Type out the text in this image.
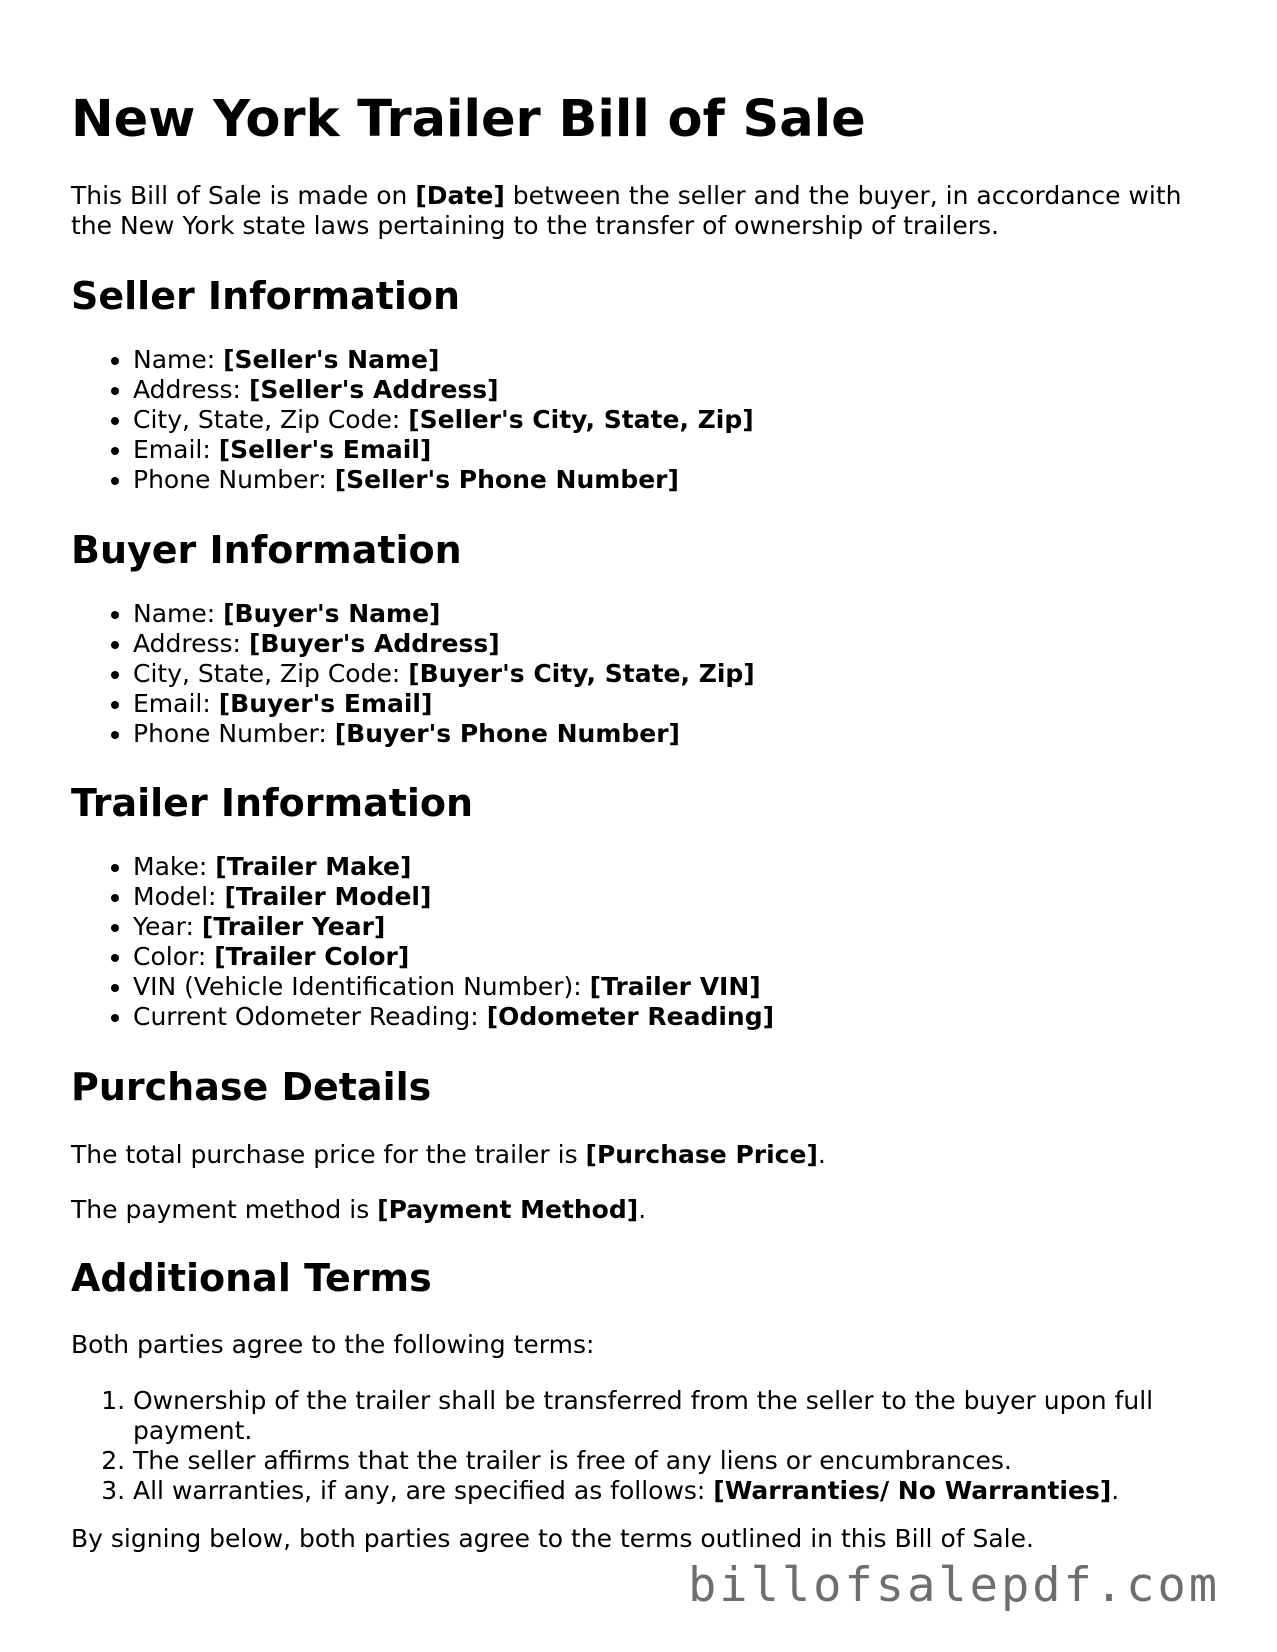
New York Trailer Bill of Sale

This Bill of Sale is made on [Date] between the seller and the buyer, in accordance with the New York state laws pertaining to the transfer of ownership of trailers.

Seller Information
• Name: [Seller's Name]
• Address: [Seller's Address]
• City, State, Zip Code: [Seller's City, State, Zip]
• Email: [Seller's Email]
• Phone Number: [Seller's Phone Number]
Buyer Information
• Name: [Buyer's Name]
• Address: [Buyer's Address]
• City, State, Zip Code: [Buyer's City, State, Zip]
• Email: [Buyer's Email]
• Phone Number: [Buyer's Phone Number]
Trailer Information
• Make: [Trailer Make]
• Model: [Trailer Model]
• Year: [Trailer Year]
• Color: [Trailer Color]
• VIN (Vehicle Identification Number): [Trailer VIN]
• Current Odometer Reading: [Odometer Reading]
Purchase Details

The total purchase price for the trailer is [Purchase Price].

The payment method is [Payment Method].

Additional Terms

Both parties agree to the following terms:

1. Ownership of the trailer shall be transferred from the seller to the buyer upon full payment.
2. The seller affirms that the trailer is free of any liens or encumbrances.
3. All warranties, if any, are specified as follows: [Warranties/ No Warranties].

By signing below, both parties agree to the terms outlined in this Bill of Sale.

billofsalepdf.com
